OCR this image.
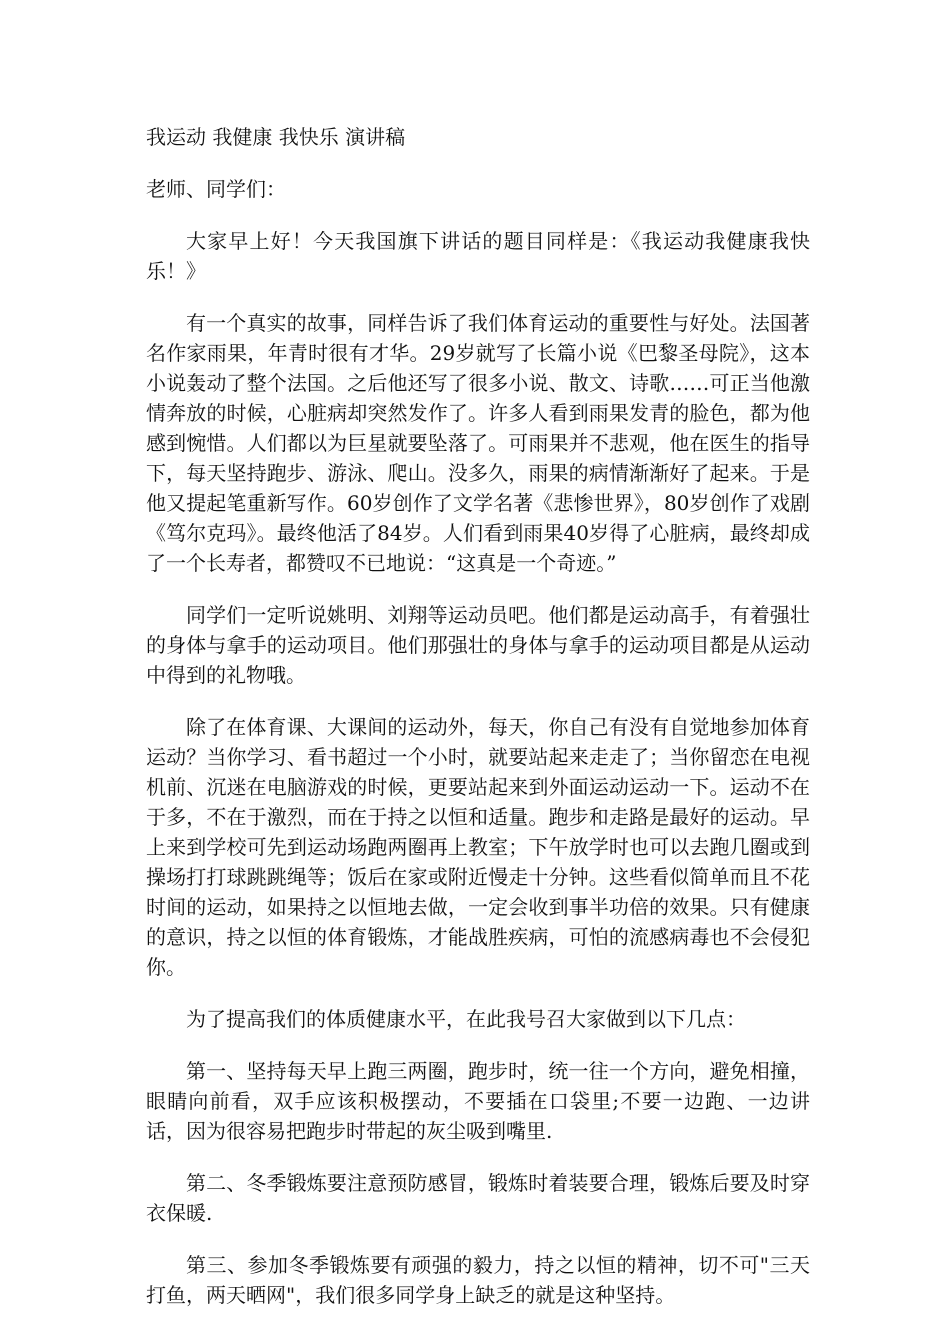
我运动 我健康 我快乐 演讲稿

老师、同学们：

大家早上好！今天我国旗下讲话的题目同样是：《我运动我健康我快乐！》

有一个真实的故事，同样告诉了我们体育运动的重要性与好处。法国著名作家雨果，年青时很有才华。29岁就写了长篇小说《巴黎圣母院》，这本小说轰动了整个法国。之后他还写了很多小说、散文、诗歌……可正当他激情奔放的时候，心脏病却突然发作了。许多人看到雨果发青的脸色，都为他感到惋惜。人们都以为巨星就要坠落了。可雨果并不悲观，他在医生的指导下，每天坚持跑步、游泳、爬山。没多久，雨果的病情渐渐好了起来。于是他又提起笔重新写作。60岁创作了文学名著《悲惨世界》，80岁创作了戏剧《笃尔克玛》。最终他活了84岁。人们看到雨果40岁得了心脏病，最终却成了一个长寿者，都赞叹不已地说：“这真是一个奇迹。”

同学们一定听说姚明、刘翔等运动员吧。他们都是运动高手，有着强壮的身体与拿手的运动项目。他们那强壮的身体与拿手的运动项目都是从运动中得到的礼物哦。

除了在体育课、大课间的运动外，每天，你自己有没有自觉地参加体育运动？当你学习、看书超过一个小时，就要站起来走走了；当你留恋在电视机前、沉迷在电脑游戏的时候，更要站起来到外面运动运动一下。运动不在于多，不在于激烈，而在于持之以恒和适量。跑步和走路是最好的运动。早上来到学校可先到运动场跑两圈再上教室；下午放学时也可以去跑几圈或到操场打打球跳跳绳等；饭后在家或附近慢走十分钟。这些看似简单而且不花时间的运动，如果持之以恒地去做，一定会收到事半功倍的效果。只有健康的意识，持之以恒的体育锻炼，才能战胜疾病，可怕的流感病毒也不会侵犯你。

为了提高我们的体质健康水平，在此我号召大家做到以下几点：

第一、坚持每天早上跑三两圈，跑步时，统一往一个方向，避免相撞，眼睛向前看，双手应该积极摆动，不要插在口袋里;不要一边跑、一边讲话，因为很容易把跑步时带起的灰尘吸到嘴里.

第二、冬季锻炼要注意预防感冒，锻炼时着装要合理，锻炼后要及时穿衣保暖.

第三、参加冬季锻炼要有顽强的毅力，持之以恒的精神，切不可"三天打鱼，两天晒网"，我们很多同学身上缺乏的就是这种坚持。
